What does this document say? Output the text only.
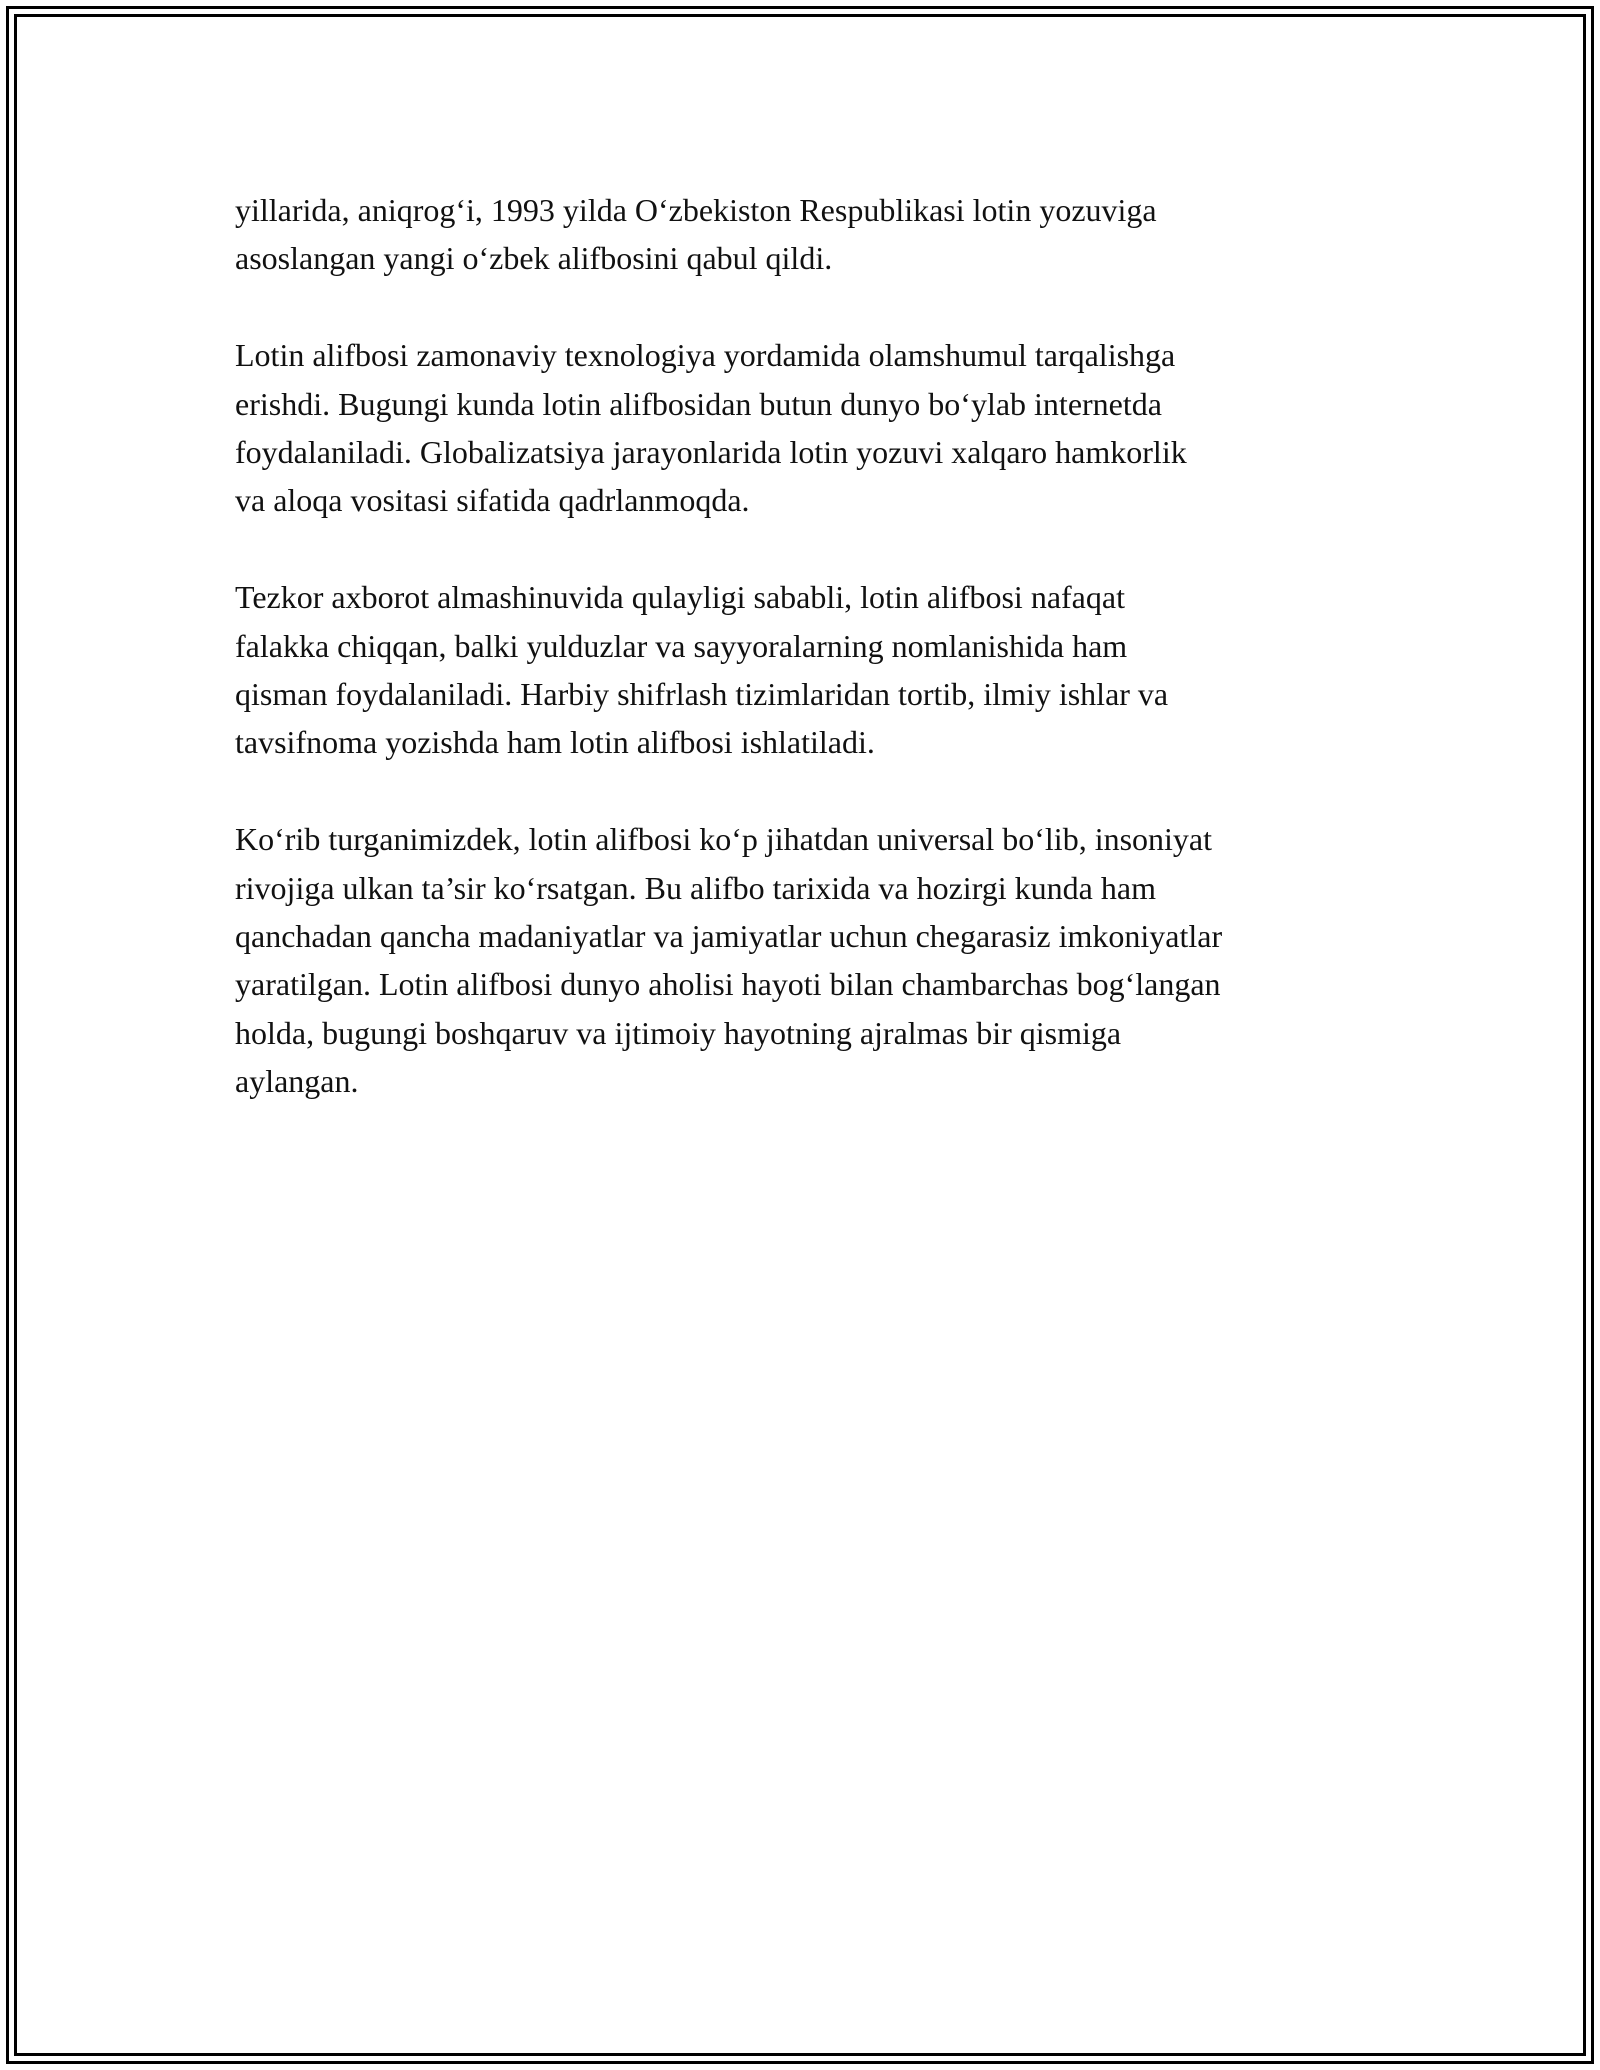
yillarida, aniqrog‘i, 1993 yilda O‘zbekiston Respublikasi lotin yozuviga
asoslangan yangi o‘zbek alifbosini qabul qildi.

Lotin alifbosi zamonaviy texnologiya yordamida olamshumul tarqalishga
erishdi. Bugungi kunda lotin alifbosidan butun dunyo bo‘ylab internetda
foydalaniladi. Globalizatsiya jarayonlarida lotin yozuvi xalqaro hamkorlik
va aloqa vositasi sifatida qadrlanmoqda.

Tezkor axborot almashinuvida qulayligi sababli, lotin alifbosi nafaqat
falakka chiqqan, balki yulduzlar va sayyoralarning nomlanishida ham
qisman foydalaniladi. Harbiy shifrlash tizimlaridan tortib, ilmiy ishlar va
tavsifnoma yozishda ham lotin alifbosi ishlatiladi.

Ko‘rib turganimizdek, lotin alifbosi ko‘p jihatdan universal bo‘lib, insoniyat
rivojiga ulkan ta’sir ko‘rsatgan. Bu alifbo tarixida va hozirgi kunda ham
qanchadan qancha madaniyatlar va jamiyatlar uchun chegarasiz imkoniyatlar
yaratilgan. Lotin alifbosi dunyo aholisi hayoti bilan chambarchas bog‘langan
holda, bugungi boshqaruv va ijtimoiy hayotning ajralmas bir qismiga
aylangan.
